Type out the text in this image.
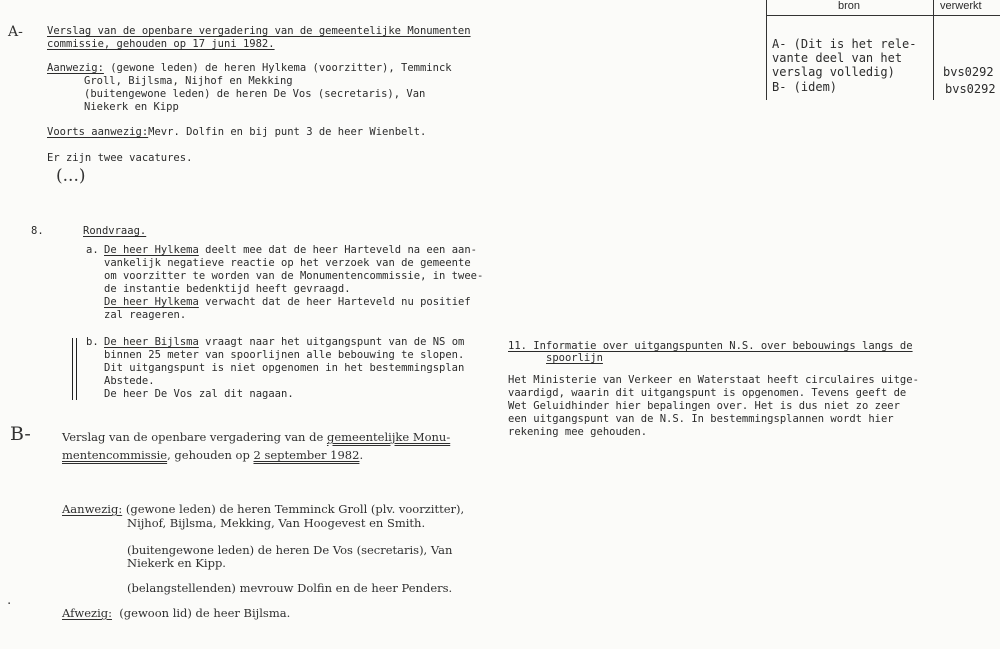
A-
B-
·
Verslag van de openbare vergadering van de gemeentelijke Monumenten
commissie, gehouden op 17 juni 1982.
Aanwezig: (gewone leden) de heren Hylkema (voorzitter), Temminck
Groll, Bijlsma, Nijhof en Mekking
(buitengewone leden) de heren De Vos (secretaris), Van
Niekerk en Kipp
Voorts aanwezig:Mevr. Dolfin en bij punt 3 de heer Wienbelt.
Er zijn twee vacatures.
(...)
8.	Rondvraag.
a. De heer Hylkema deelt mee dat de heer Harteveld na een aan-
vankelijk negatieve reactie op het verzoek van de gemeente
om voorzitter te worden van de Monumentencommissie, in twee-
de instantie bedenktijd heeft gevraagd.
De heer Hylkema verwacht dat de heer Harteveld nu positief
zal reageren.
b. De heer Bijlsma vraagt naar het uitgangspunt van de NS om
binnen 25 meter van spoorlijnen alle bebouwing te slopen.
Dit uitgangspunt is niet opgenomen in het bestemmingsplan
Abstede.
De heer De Vos zal dit nagaan.
bron	verwerkt
A- (Dit is het rele-
vante deel van het
verslag volledig)	bvs0292
B- (idem)	bvs0292
11. Informatie over uitgangspunten N.S. over bebouwings langs de
spoorlijn
Het Ministerie van Verkeer en Waterstaat heeft circulaires uitge-
vaardigd, waarin dit uitgangspunt is opgenomen. Tevens geeft de
Wet Geluidhinder hier bepalingen over. Het is dus niet zo zeer
een uitgangspunt van de N.S. In bestemmingsplannen wordt hier
rekening mee gehouden.
Verslag van de openbare vergadering van de gemeentelijke Monu-
mentencommissie, gehouden op 2 september 1982.
Aanwezig: (gewone leden) de heren Temminck Groll (plv. voorzitter),
Nijhof, Bijlsma, Mekking, Van Hoogevest en Smith.
(buitengewone leden) de heren De Vos (secretaris), Van
Niekerk en Kipp.
(belangstellenden) mevrouw Dolfin en de heer Penders.
Afwezig:  (gewoon lid) de heer Bijlsma.
